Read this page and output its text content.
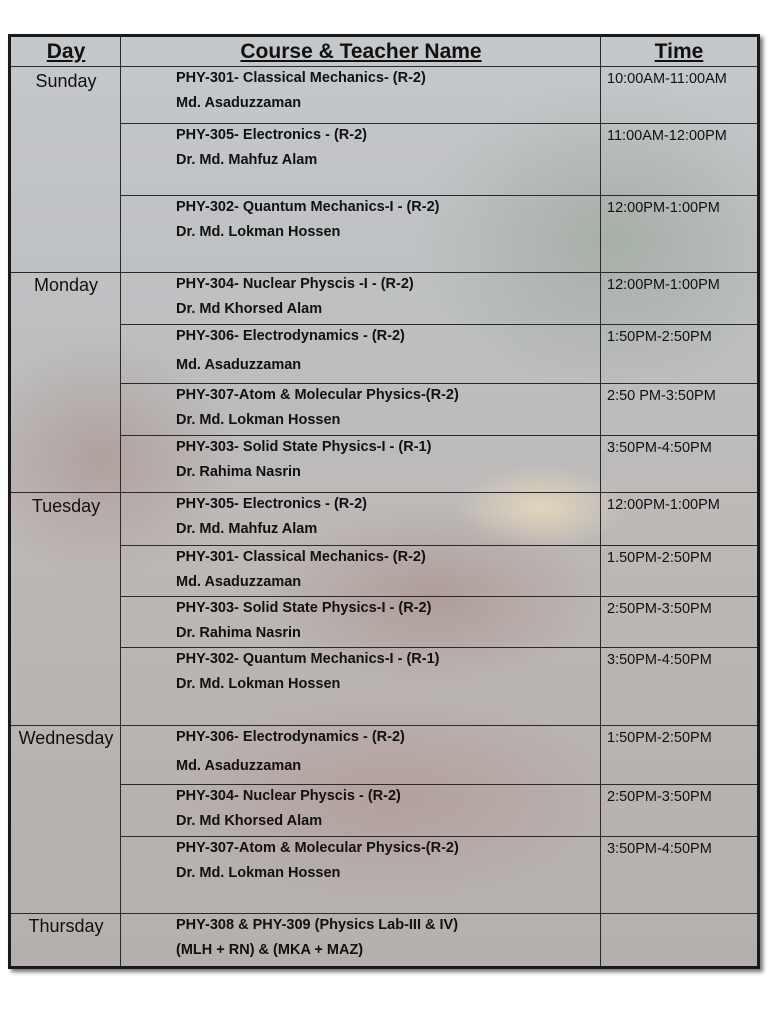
Day	Course & Teacher Name	Time
Sunday
Monday
Tuesday
Wednesday
Thursday
PHY-301- Classical Mechanics- (R-2)
Md. Asaduzzaman
10:00AM-11:00AM
PHY-305- Electronics - (R-2)
Dr. Md. Mahfuz Alam
11:00AM-12:00PM
PHY-302- Quantum Mechanics-I - (R-2)
Dr. Md. Lokman Hossen
12:00PM-1:00PM
PHY-304- Nuclear Physcis -I - (R-2)
Dr. Md Khorsed Alam
12:00PM-1:00PM
PHY-306- Electrodynamics - (R-2)
Md. Asaduzzaman
1:50PM-2:50PM
PHY-307-Atom & Molecular Physics-(R-2)
Dr. Md. Lokman Hossen
2:50 PM-3:50PM
PHY-303- Solid State Physics-I - (R-1)
Dr. Rahima Nasrin
3:50PM-4:50PM
PHY-305- Electronics - (R-2)
Dr. Md. Mahfuz Alam
12:00PM-1:00PM
PHY-301- Classical Mechanics- (R-2)
Md. Asaduzzaman
1.50PM-2:50PM
PHY-303- Solid State Physics-I - (R-2)
Dr. Rahima Nasrin
2:50PM-3:50PM
PHY-302- Quantum Mechanics-I - (R-1)
Dr. Md. Lokman Hossen
3:50PM-4:50PM
PHY-306- Electrodynamics - (R-2)
Md. Asaduzzaman
1:50PM-2:50PM
PHY-304- Nuclear Physcis - (R-2)
Dr. Md Khorsed Alam
2:50PM-3:50PM
PHY-307-Atom & Molecular Physics-(R-2)
Dr. Md. Lokman Hossen
3:50PM-4:50PM
PHY-308 & PHY-309 (Physics Lab-III & IV)
(MLH + RN) & (MKA + MAZ)
